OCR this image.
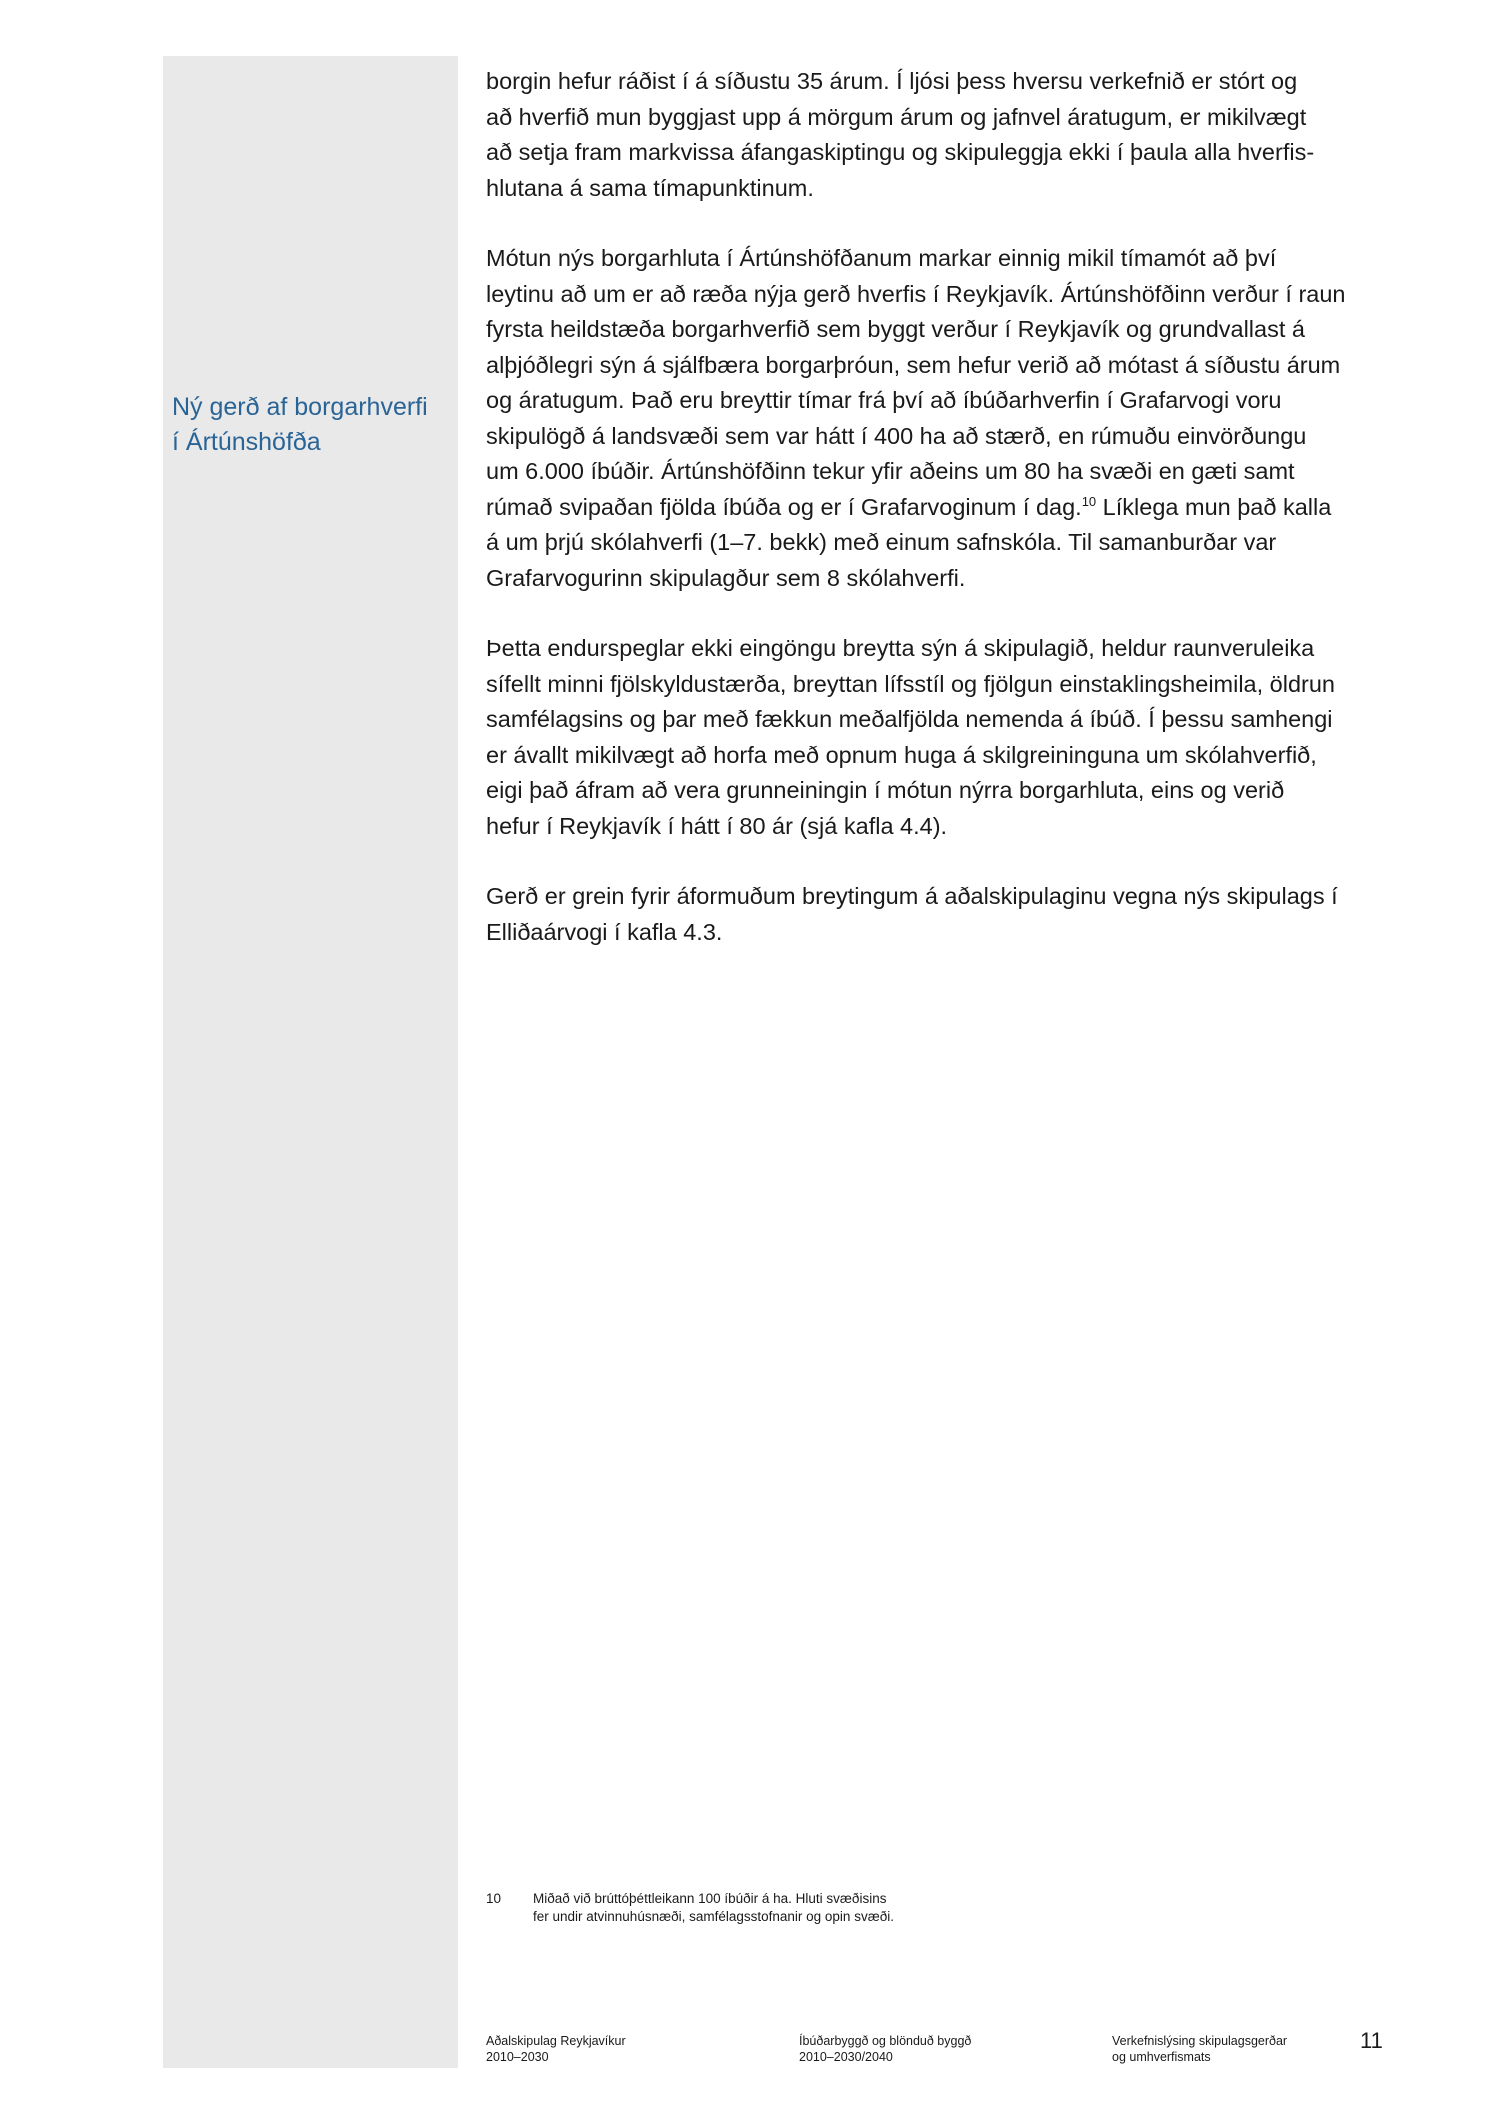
Ný gerð af borgarhverfi
í Ártúnshöfða

borgin hefur ráðist í á síðustu 35 árum. Í ljósi þess hversu verkefnið er stórt og
að hverfið mun byggjast upp á mörgum árum og jafnvel áratugum, er mikilvægt
að setja fram markvissa áfangaskiptingu og skipuleggja ekki í þaula alla hverfis-
hlutana á sama tímapunktinum.

Mótun nýs borgarhluta í Ártúnshöfðanum markar einnig mikil tímamót að því
leytinu að um er að ræða nýja gerð hverfis í Reykjavík. Ártúnshöfðinn verður í raun
fyrsta heildstæða borgarhverfið sem byggt verður í Reykjavík og grundvallast á
alþjóðlegri sýn á sjálfbæra borgarþróun, sem hefur verið að mótast á síðustu árum
og áratugum. Það eru breyttir tímar frá því að íbúðarhverfin í Grafarvogi voru
skipulögð á landsvæði sem var hátt í 400 ha að stærð, en rúmuðu einvörðungu
um 6.000 íbúðir. Ártúnshöfðinn tekur yfir aðeins um 80 ha svæði en gæti samt
rúmað svipaðan fjölda íbúða og er í Grafarvoginum í dag.$^{10}$ Líklega mun það kalla
á um þrjú skólahverfi (1–7. bekk) með einum safnskóla. Til samanburðar var
Grafarvogurinn skipulagður sem 8 skólahverfi.

Þetta endurspeglar ekki eingöngu breytta sýn á skipulagið, heldur raunveruleika
sífellt minni fjölskyldustærða, breyttan lífsstíl og fjölgun einstaklingsheimila, öldrun
samfélagsins og þar með fækkun meðalfjölda nemenda á íbúð. Í þessu samhengi
er ávallt mikilvægt að horfa með opnum huga á skilgreininguna um skólahverfið,
eigi það áfram að vera grunneiningin í mótun nýrra borgarhluta, eins og verið
hefur í Reykjavík í hátt í 80 ár (sjá kafla 4.4).

Gerð er grein fyrir áformuðum breytingum á aðalskipulaginu vegna nýs skipulags í
Elliðaárvogi í kafla 4.3.

10 Miðað við brúttóþéttleikann 100 íbúðir á ha. Hluti svæðisins
fer undir atvinnuhúsnæði, samfélagsstofnanir og opin svæði.
Aðalskipulag Reykjavíkur
2010–2030
Íbúðarbyggð og blönduð byggð
2010–2030/2040
Verkefnislýsing skipulagsgerðar
og umhverfismats
11
